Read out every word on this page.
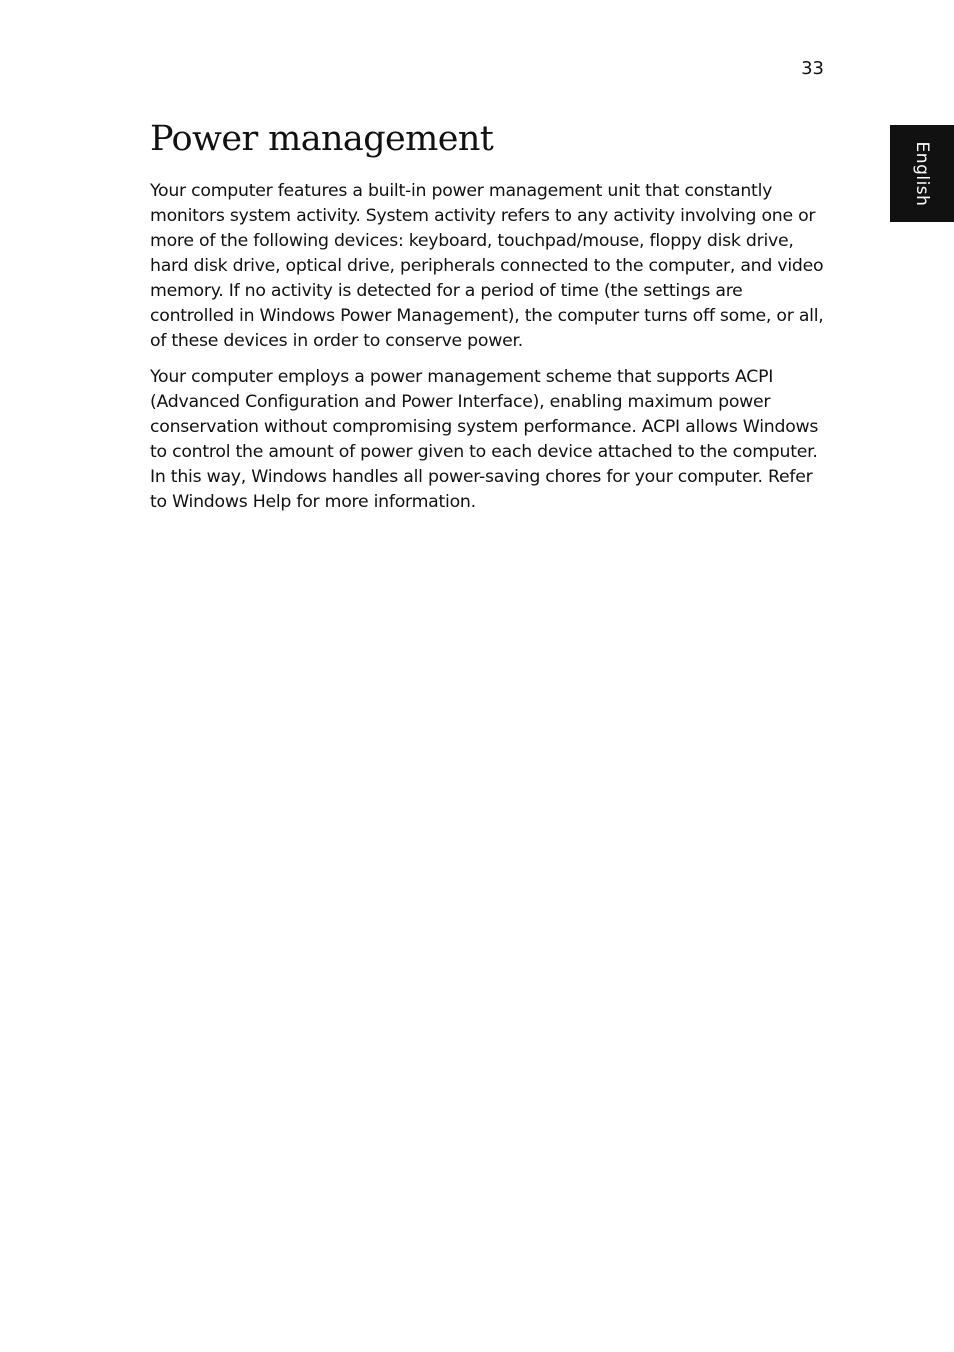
33
English
Power management

Your computer features a built-in power management unit that constantly monitors system activity. System activity refers to any activity involving one or more of the following devices: keyboard, touchpad/mouse, floppy disk drive, hard disk drive, optical drive, peripherals connected to the computer, and video memory. If no activity is detected for a period of time (the settings are controlled in Windows Power Management), the computer turns off some, or all, of these devices in order to conserve power.

Your computer employs a power management scheme that supports ACPI (Advanced Configuration and Power Interface), enabling maximum power conservation without compromising system performance. ACPI allows Windows to control the amount of power given to each device attached to the computer. In this way, Windows handles all power-saving chores for your computer. Refer to Windows Help for more information.
